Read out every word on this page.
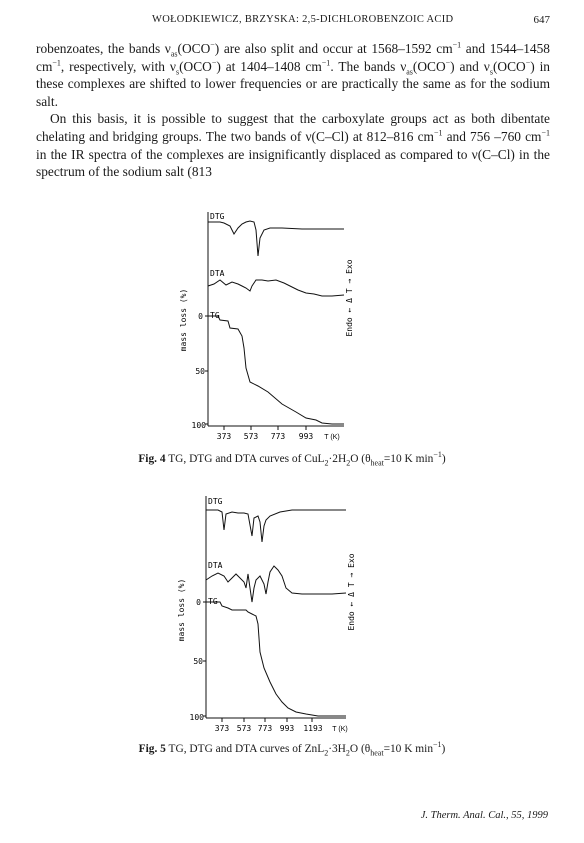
WOŁODKIEWICZ, BRZYSKA: 2,5-DICHLOROBENZOIC ACID	647

robenzoates, the bands $\nu_{as}(OCO^-)$ are also split and occur at 1568–1592 $cm^{-1}$ and 1544–1458 $cm^{-1}$, respectively, with $\nu_s(OCO^-)$ at 1404–1408 $cm^{-1}$. The bands $\nu_{as}(OCO^-)$ and $\nu_s(OCO^-)$ in these complexes are shifted to lower frequencies or are practically the same as for the sodium salt.

On this basis, it is possible to suggest that the carboxylate groups act as both dibentate chelating and bridging groups. The two bands of ν(C–Cl) at 812–816 $cm^{-1}$ and 756 –760 $cm^{-1}$ in the IR spectra of the complexes are insignificantly displaced as compared to ν(C–Cl) in the spectrum of the sodium salt (813

DTG
DTA
TG
0
50
100
mass loss (%)	Endo ← Δ T → Exo
373 573 773 993 T (K)
Fig. 4 TG, DTG and DTA curves of $CuL_2\cdot 2H_2O$ ($\theta_{heat}=10$ K $\min^{-1}$)
DTG
DTA
TG
0
50
100
mass loss (%)	Endo ← Δ T → Exo
373 573 773 993 1193 T (K)
Fig. 5 TG, DTG and DTA curves of $ZnL_2\cdot 3H_2O$ ($\theta_{heat}=10$ K $\min^{-1}$)
J. Therm. Anal. Cal., 55, 1999
